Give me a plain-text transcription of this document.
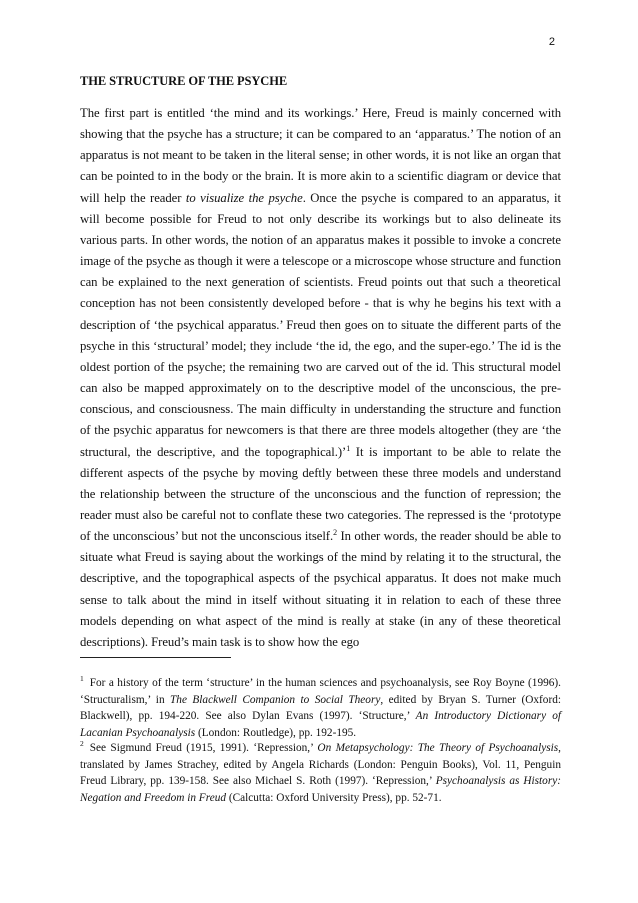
2
THE STRUCTURE OF THE PSYCHE

The first part is entitled ‘the mind and its workings.’ Here, Freud is mainly concerned with showing that the psyche has a structure; it can be compared to an ‘apparatus.’ The notion of an apparatus is not meant to be taken in the literal sense; in other words, it is not like an organ that can be pointed to in the body or the brain. It is more akin to a scientific diagram or device that will help the reader to visualize the psyche. Once the psyche is compared to an apparatus, it will become possible for Freud to not only describe its workings but to also delineate its various parts. In other words, the notion of an apparatus makes it possible to invoke a concrete image of the psyche as though it were a telescope or a microscope whose structure and function can be explained to the next generation of scientists. Freud points out that such a theoretical conception has not been consistently developed before - that is why he begins his text with a description of ‘the psychical apparatus.’ Freud then goes on to situate the different parts of the psyche in this ‘structural’ model; they include ‘the id, the ego, and the super-ego.’ The id is the oldest portion of the psyche; the remaining two are carved out of the id. This structural model can also be mapped approximately on to the descriptive model of the unconscious, the pre-conscious, and consciousness. The main difficulty in understanding the structure and function of the psychic apparatus for newcomers is that there are three models altogether (they are ‘the structural, the descriptive, and the topographical.)’$^1$ It is important to be able to relate the different aspects of the psyche by moving deftly between these three models and understand the relationship between the structure of the unconscious and the function of repression; the reader must also be careful not to conflate these two categories. The repressed is the ‘prototype of the unconscious’ but not the unconscious itself.$^2$ In other words, the reader should be able to situate what Freud is saying about the workings of the mind by relating it to the structural, the descriptive, and the topographical aspects of the psychical apparatus. It does not make much sense to talk about the mind in itself without situating it in relation to each of these three models depending on what aspect of the mind is really at stake (in any of these theoretical descriptions). Freud’s main task is to show how the ego

$^1$ For a history of the term ‘structure’ in the human sciences and psychoanalysis, see Roy Boyne (1996). ‘Structuralism,’ in The Blackwell Companion to Social Theory, edited by Bryan S. Turner (Oxford: Blackwell), pp. 194-220. See also Dylan Evans (1997). ‘Structure,’ An Introductory Dictionary of Lacanian Psychoanalysis (London: Routledge), pp. 192-195.

$^2$ See Sigmund Freud (1915, 1991). ‘Repression,’ On Metapsychology: The Theory of Psychoanalysis, translated by James Strachey, edited by Angela Richards (London: Penguin Books), Vol. 11, Penguin Freud Library, pp. 139-158. See also Michael S. Roth (1997). ‘Repression,’ Psychoanalysis as History: Negation and Freedom in Freud (Calcutta: Oxford University Press), pp. 52-71.
